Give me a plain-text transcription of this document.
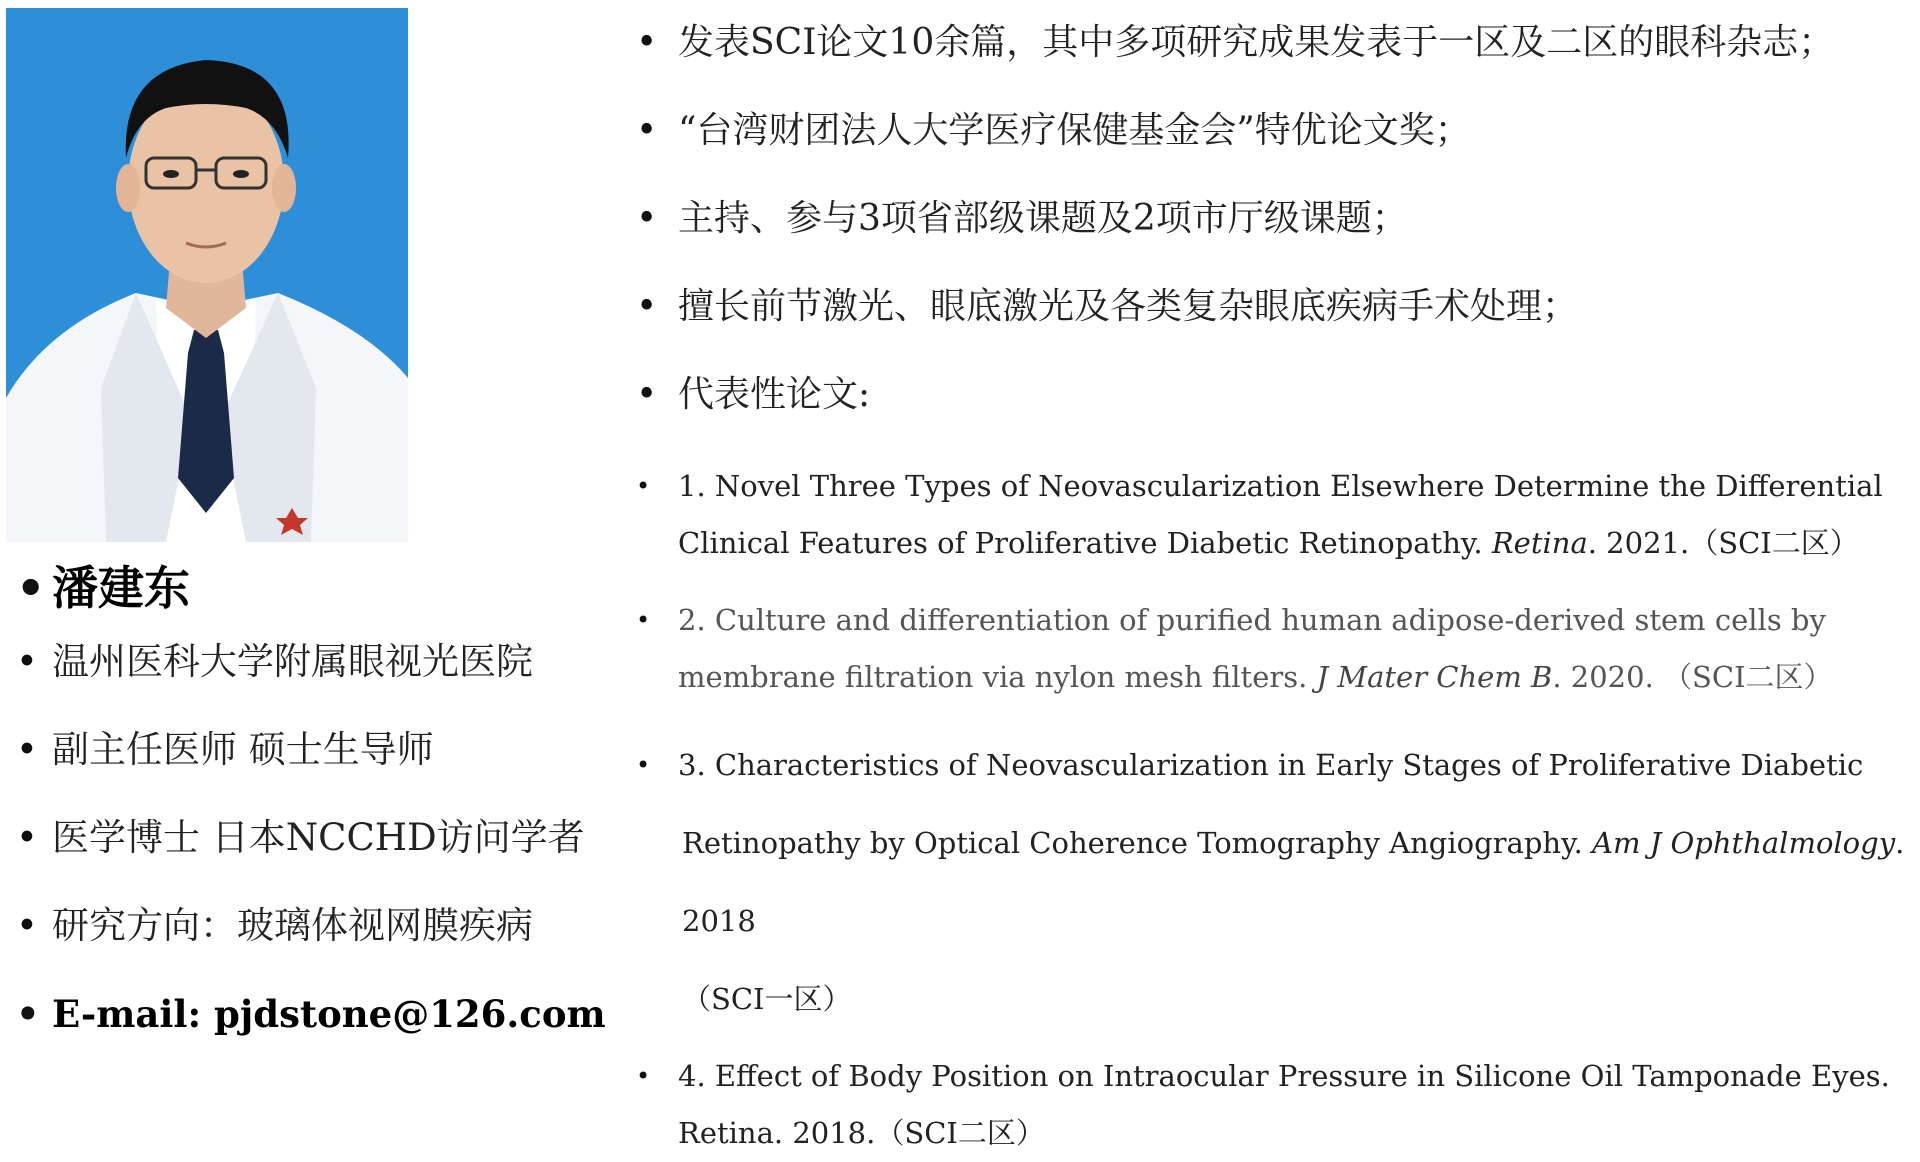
• 潘建东
• 温州医科大学附属眼视光医院
• 副主任医师 硕士生导师
• 医学博士 日本NCCHD访问学者
• 研究方向：玻璃体视网膜疾病
• E-mail: pjdstone@126.com
• 发表SCI论文10余篇，其中多项研究成果发表于一区及二区的眼科杂志；
• “台湾财团法人大学医疗保健基金会”特优论文奖；
• 主持、参与3项省部级课题及2项市厅级课题；
• 擅长前节激光、眼底激光及各类复杂眼底疾病手术处理；
• 代表性论文:
• 1. Novel Three Types of Neovascularization Elsewhere Determine the Differential Clinical Features of Proliferative Diabetic Retinopathy. Retina. 2021.（SCI二区）
• 2. Culture and differentiation of purified human adipose-derived stem cells by membrane filtration via nylon mesh filters. J Mater Chem B. 2020. （SCI二区）
• 3. Characteristics of Neovascularization in Early Stages of Proliferative Diabetic
Retinopathy by Optical Coherence Tomography Angiography. Am J Ophthalmology. 2018
（SCI一区）
• 4. Effect of Body Position on Intraocular Pressure in Silicone Oil Tamponade Eyes. Retina. 2018.（SCI二区）
